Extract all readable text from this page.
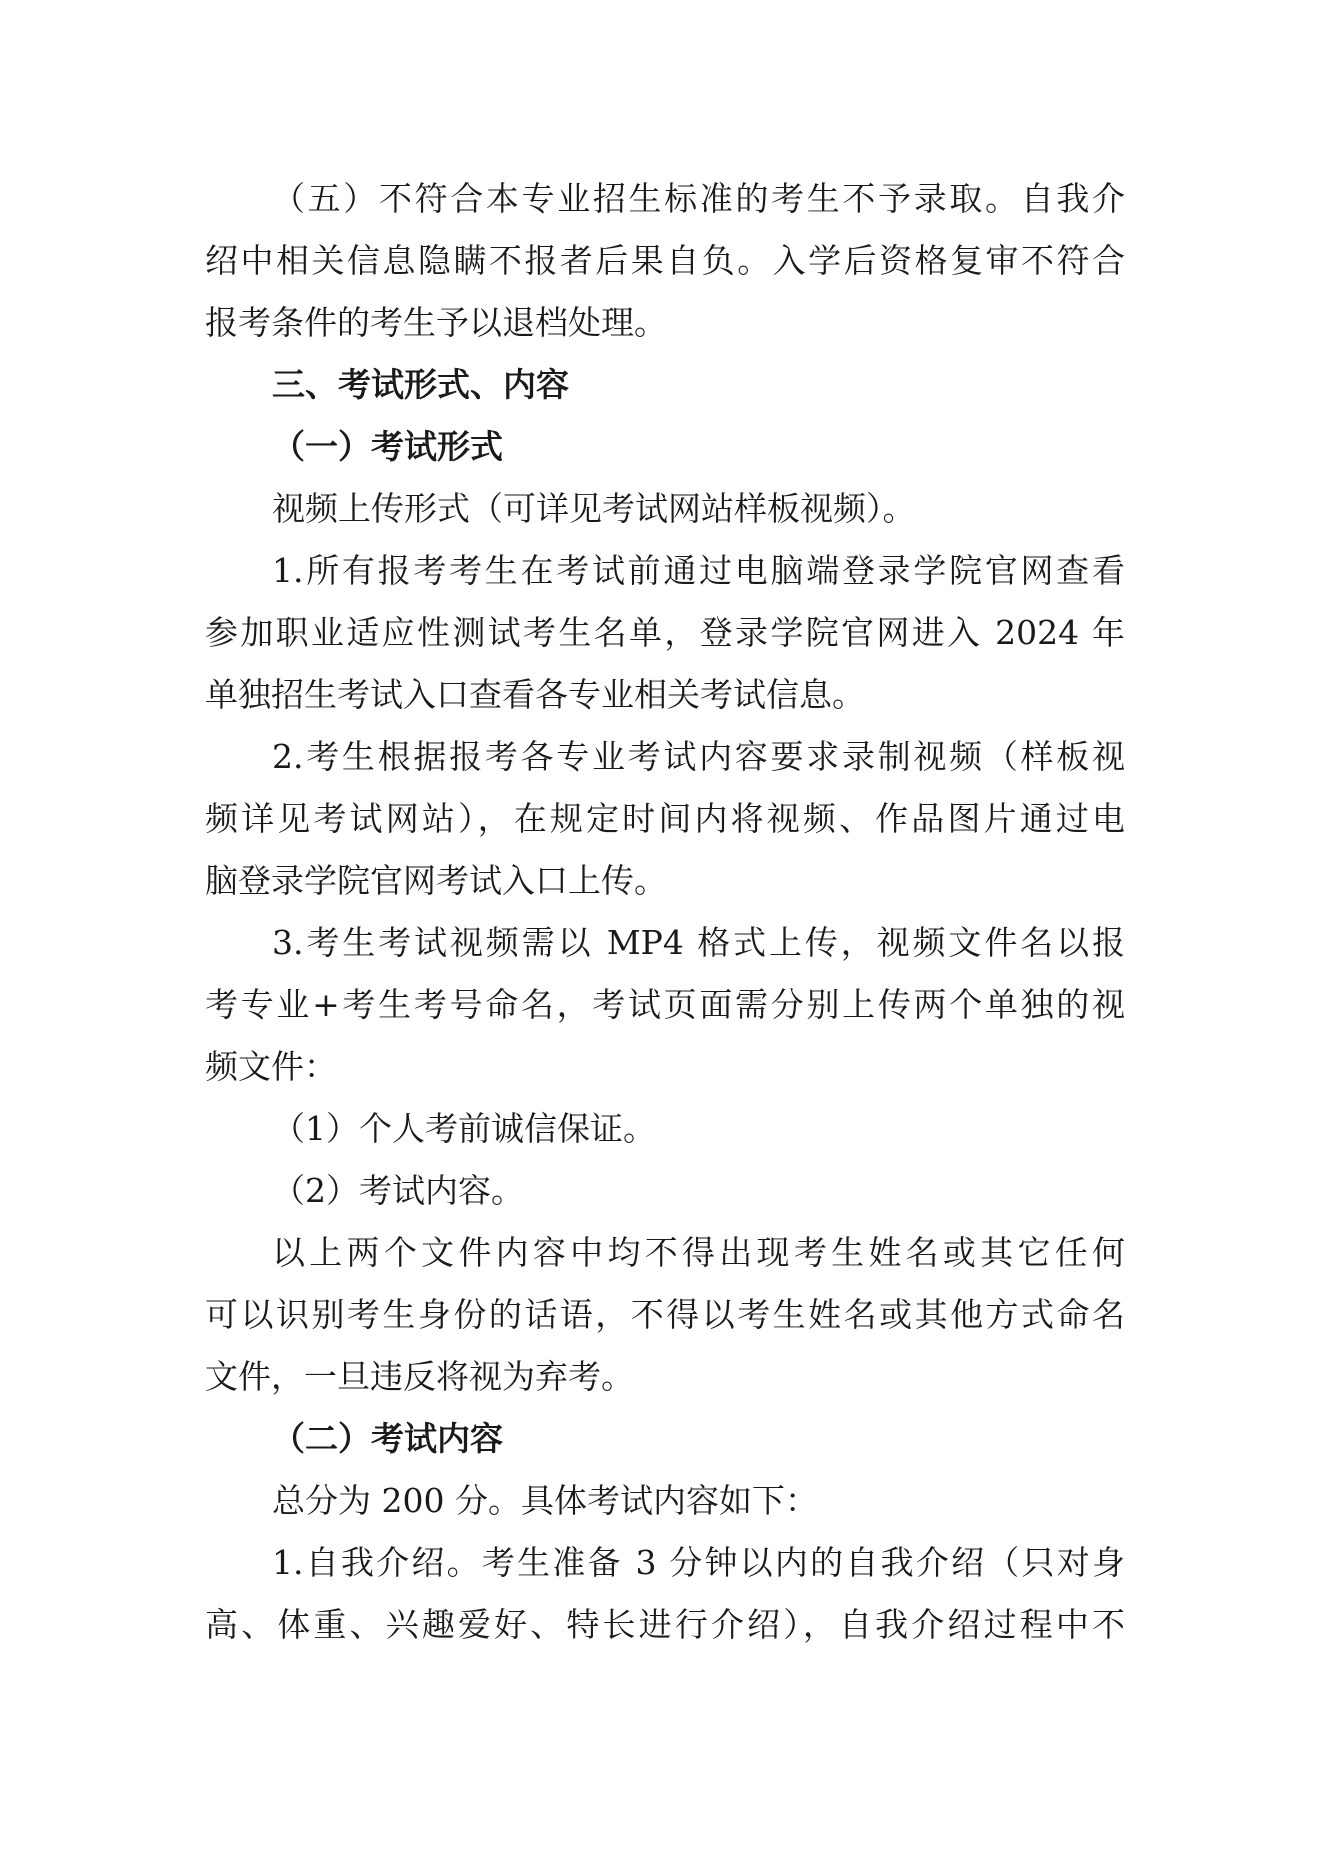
（五）不符合本专业招生标准的考生不予录取。自我介
绍中相关信息隐瞒不报者后果自负。入学后资格复审不符合
报考条件的考生予以退档处理。
三、考试形式、内容
（一）考试形式
视频上传形式（可详见考试网站样板视频）。
1.所有报考考生在考试前通过电脑端登录学院官网查看
参加职业适应性测试考生名单，登录学院官网进入 2024 年
单独招生考试入口查看各专业相关考试信息。
2.考生根据报考各专业考试内容要求录制视频（样板视
频详见考试网站），在规定时间内将视频、作品图片通过电
脑登录学院官网考试入口上传。
3.考生考试视频需以 MP4 格式上传，视频文件名以报
考专业+考生考号命名，考试页面需分别上传两个单独的视
频文件：
（1）个人考前诚信保证。
（2）考试内容。
以上两个文件内容中均不得出现考生姓名或其它任何
可以识别考生身份的话语，不得以考生姓名或其他方式命名
文件，一旦违反将视为弃考。
（二）考试内容
总分为 200 分。具体考试内容如下：
1.自我介绍。考生准备 3 分钟以内的自我介绍（只对身
高、体重、兴趣爱好、特长进行介绍），自我介绍过程中不
